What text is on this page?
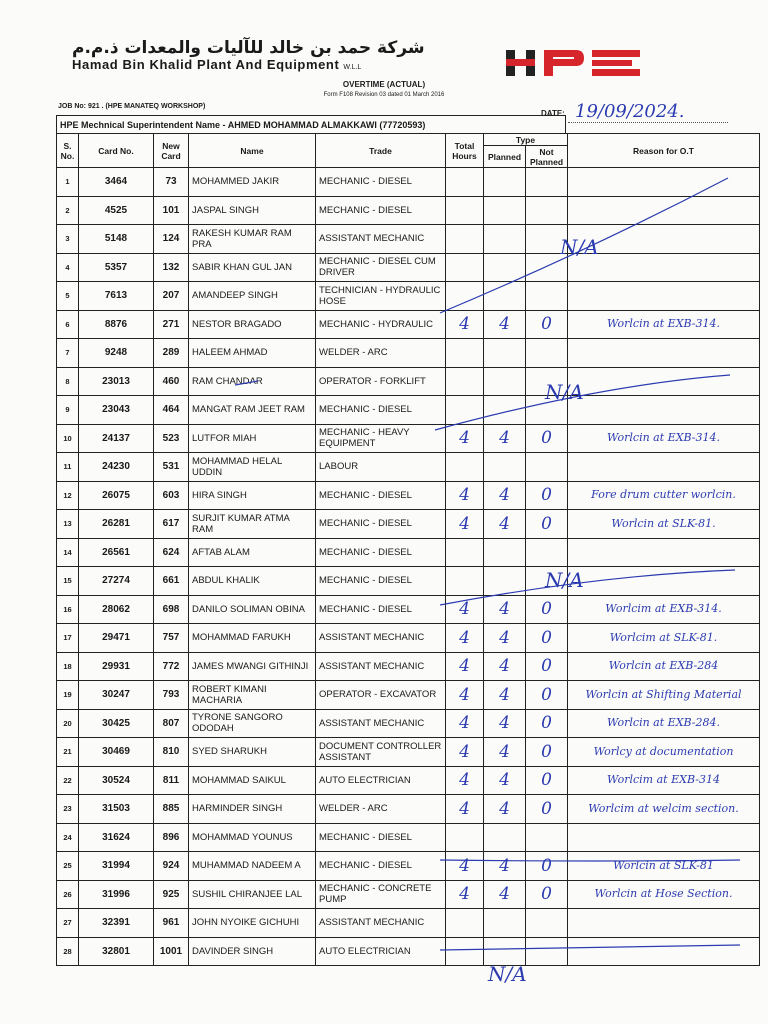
شركة حمد بن خالد للآليات والمعدات ذ.م.م
Hamad Bin Khalid Plant And Equipment W.L.L
OVERTIME (ACTUAL)
Form F108 Revision 03 dated 01 March 2016
JOB No: 921 . (HPE MANATEQ WORKSHOP)
DATE: 19/09/2024.
HPE Mechnical Superintendent Name - AHMED MOHAMMAD ALMAKKAWI (77720593)
S. No.	Card No.	New Card	Name	Trade	Total Hours	Type		Reason for O.T
						Planned	Not Planned	
1	3464	73	MOHAMMED JAKIR	MECHANIC - DIESEL				
2	4525	101	JASPAL SINGH	MECHANIC - DIESEL				
3	5148	124	RAKESH KUMAR RAM PRA	ASSISTANT MECHANIC				
4	5357	132	SABIR KHAN GUL JAN	MECHANIC - DIESEL CUM DRIVER				
5	7613	207	AMANDEEP SINGH	TECHNICIAN - HYDRAULIC HOSE				
6	8876	271	NESTOR BRAGADO	MECHANIC - HYDRAULIC	4	4	0	Worlcin at EXB-314.
7	9248	289	HALEEM AHMAD	WELDER - ARC				
8	23013	460	RAM CHANDAR	OPERATOR - FORKLIFT				
9	23043	464	MANGAT RAM JEET RAM	MECHANIC - DIESEL				
10	24137	523	LUTFOR MIAH	MECHANIC - HEAVY EQUIPMENT	4	4	0	Worlcin at EXB-314.
11	24230	531	MOHAMMAD HELAL UDDIN	LABOUR				
12	26075	603	HIRA SINGH	MECHANIC - DIESEL	4	4	0	Fore drum cutter worlcin.
13	26281	617	SURJIT KUMAR ATMA RAM	MECHANIC - DIESEL	4	4	0	Worlcin at SLK-81.
14	26561	624	AFTAB ALAM	MECHANIC - DIESEL				
15	27274	661	ABDUL KHALIK	MECHANIC - DIESEL				
16	28062	698	DANILO SOLIMAN OBINA	MECHANIC - DIESEL	4	4	0	Worlcim at EXB-314.
17	29471	757	MOHAMMAD FARUKH	ASSISTANT MECHANIC	4	4	0	Worlcim at SLK-81.
18	29931	772	JAMES MWANGI GITHINJI	ASSISTANT MECHANIC	4	4	0	Worlcin at EXB-284
19	30247	793	ROBERT KIMANI MACHARIA	OPERATOR - EXCAVATOR	4	4	0	Worlcin at Shifting Material
20	30425	807	TYRONE SANGORO ODODAH	ASSISTANT MECHANIC	4	4	0	Worlcin at EXB-284.
21	30469	810	SYED SHARUKH	DOCUMENT CONTROLLER ASSISTANT	4	4	0	Worlcy at documentation
22	30524	811	MOHAMMAD SAIKUL	AUTO ELECTRICIAN	4	4	0	Worlcim at EXB-314
23	31503	885	HARMINDER SINGH	WELDER - ARC	4	4	0	Worlcim at welcim section.
24	31624	896	MOHAMMAD YOUNUS	MECHANIC - DIESEL				
25	31994	924	MUHAMMAD NADEEM A	MECHANIC - DIESEL	4	4	0	Worlcin at SLK-81
26	31996	925	SUSHIL CHIRANJEE LAL	MECHANIC - CONCRETE PUMP	4	4	0	Worlcin at Hose Section.
27	32391	961	JOHN NYOIKE GICHUHI	ASSISTANT MECHANIC				
28	32801	1001	DAVINDER SINGH	AUTO ELECTRICIAN				
N/A
N/A
N/A
N/A
